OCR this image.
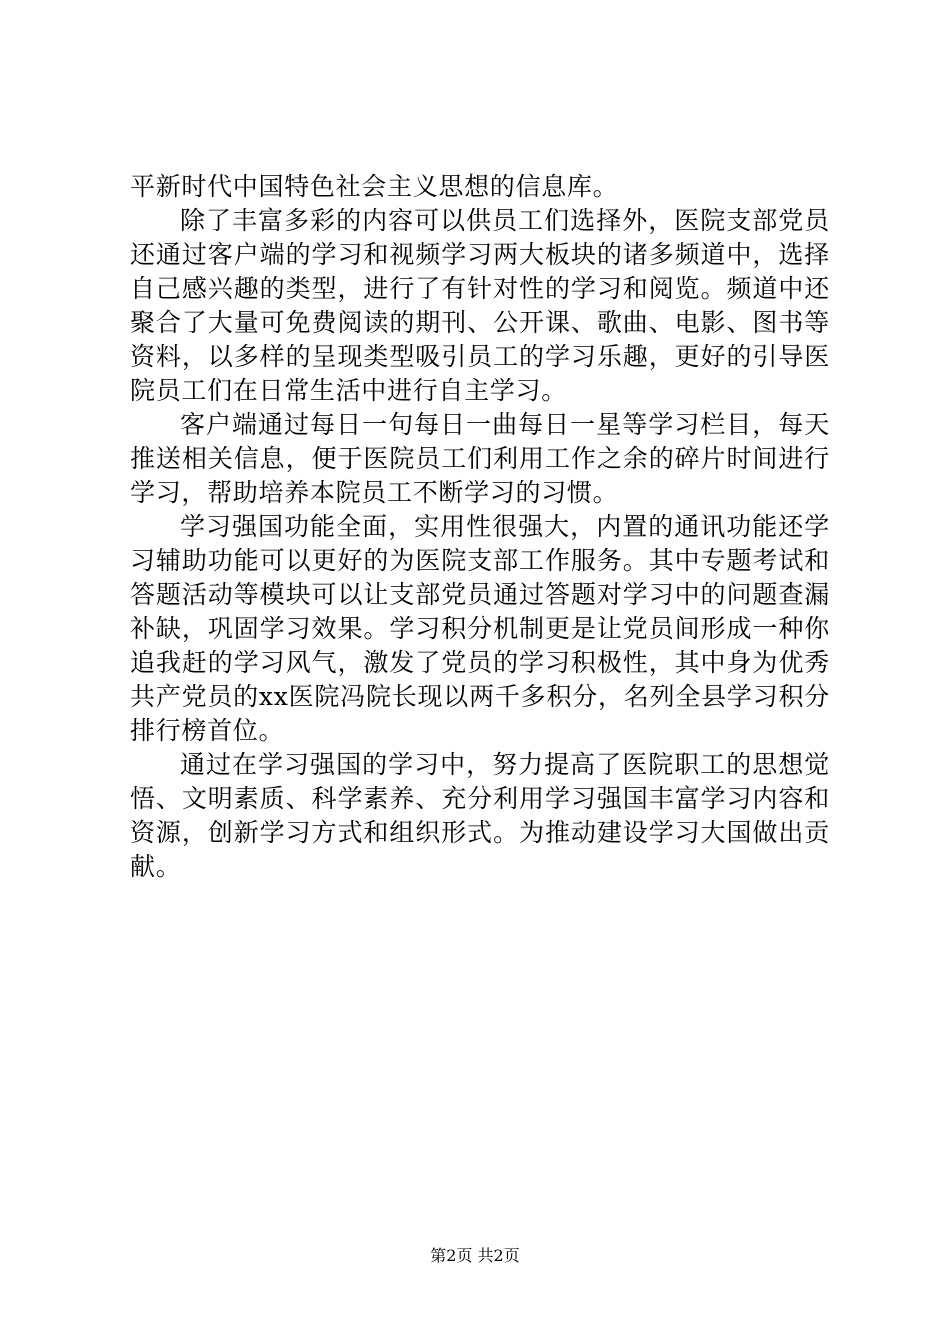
平新时代中国特色社会主义思想的信息库。

除了丰富多彩的内容可以供员工们选择外，医院支部党员还通过客户端的学习和视频学习两大板块的诸多频道中，选择自己感兴趣的类型，进行了有针对性的学习和阅览。频道中还聚合了大量可免费阅读的期刊、公开课、歌曲、电影、图书等资料，以多样的呈现类型吸引员工的学习乐趣，更好的引导医院员工们在日常生活中进行自主学习。

客户端通过每日一句每日一曲每日一星等学习栏目，每天推送相关信息，便于医院员工们利用工作之余的碎片时间进行学习，帮助培养本院员工不断学习的习惯。

学习强国功能全面，实用性很强大，内置的通讯功能还学习辅助功能可以更好的为医院支部工作服务。其中专题考试和答题活动等模块可以让支部党员通过答题对学习中的问题查漏补缺，巩固学习效果。学习积分机制更是让党员间形成一种你追我赶的学习风气，激发了党员的学习积极性，其中身为优秀共产党员的xx医院冯院长现以两千多积分，名列全县学习积分排行榜首位。

通过在学习强国的学习中，努力提高了医院职工的思想觉悟、文明素质、科学素养、充分利用学习强国丰富学习内容和资源，创新学习方式和组织形式。为推动建设学习大国做出贡献。

第2页 共2页
